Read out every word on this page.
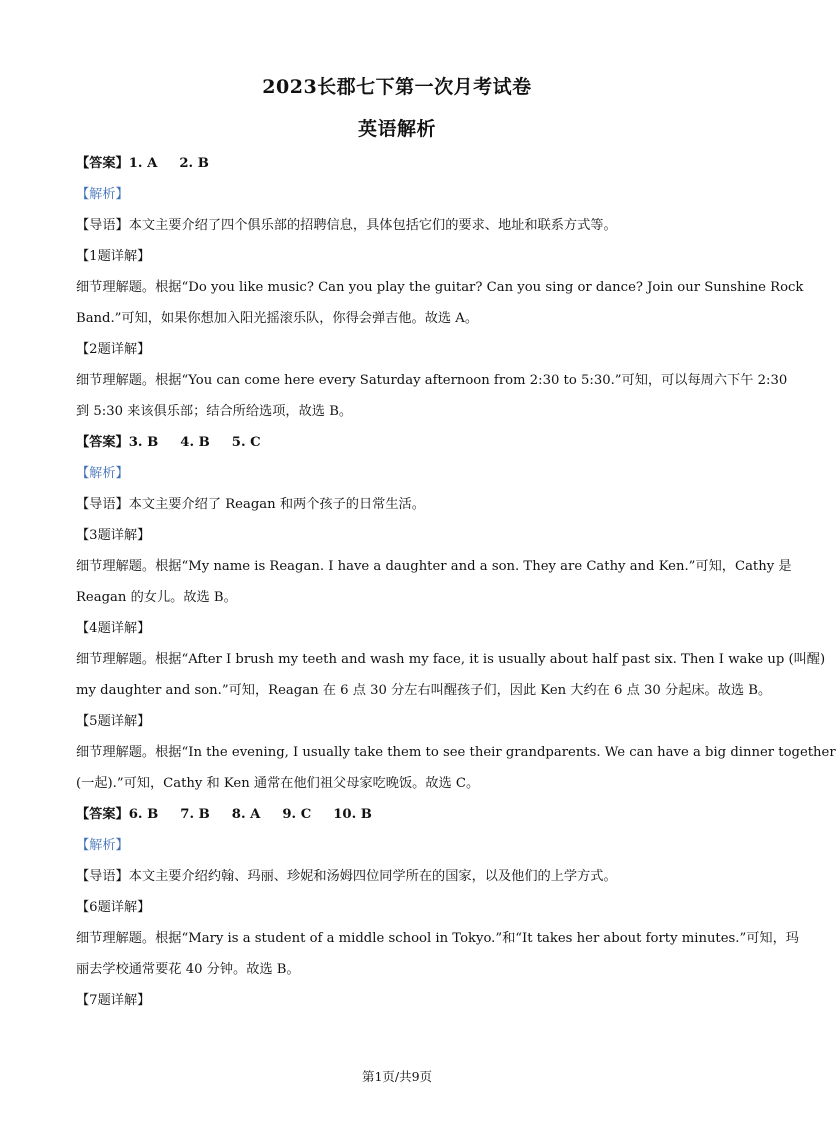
2023长郡七下第一次月考试卷
英语解析
【答案】1. A 2. B
【解析】
【导语】本文主要介绍了四个俱乐部的招聘信息，具体包括它们的要求、地址和联系方式等。
【1题详解】
细节理解题。根据“Do you like music? Can you play the guitar? Can you sing or dance? Join our Sunshine Rock
Band.”可知，如果你想加入阳光摇滚乐队，你得会弹吉他。故选 A。
【2题详解】
细节理解题。根据“You can come here every Saturday afternoon from 2:30 to 5:30.”可知，可以每周六下午 2:30
到 5:30 来该俱乐部；结合所给选项，故选 B。
【答案】3. B 4. B 5. C
【解析】
【导语】本文主要介绍了 Reagan 和两个孩子的日常生活。
【3题详解】
细节理解题。根据“My name is Reagan. I have a daughter and a son. They are Cathy and Ken.”可知，Cathy 是
Reagan 的女儿。故选 B。
【4题详解】
细节理解题。根据“After I brush my teeth and wash my face, it is usually about half past six. Then I wake up (叫醒)
my daughter and son.”可知，Reagan 在 6 点 30 分左右叫醒孩子们，因此 Ken 大约在 6 点 30 分起床。故选 B。
【5题详解】
细节理解题。根据“In the evening, I usually take them to see their grandparents. We can have a big dinner together
(一起).”可知，Cathy 和 Ken 通常在他们祖父母家吃晚饭。故选 C。
【答案】6. B 7. B 8. A 9. C 10. B
【解析】
【导语】本文主要介绍约翰、玛丽、珍妮和汤姆四位同学所在的国家，以及他们的上学方式。
【6题详解】
细节理解题。根据“Mary is a student of a middle school in Tokyo.”和“It takes her about forty minutes.”可知，玛
丽去学校通常要花 40 分钟。故选 B。
【7题详解】
第1页/共9页
